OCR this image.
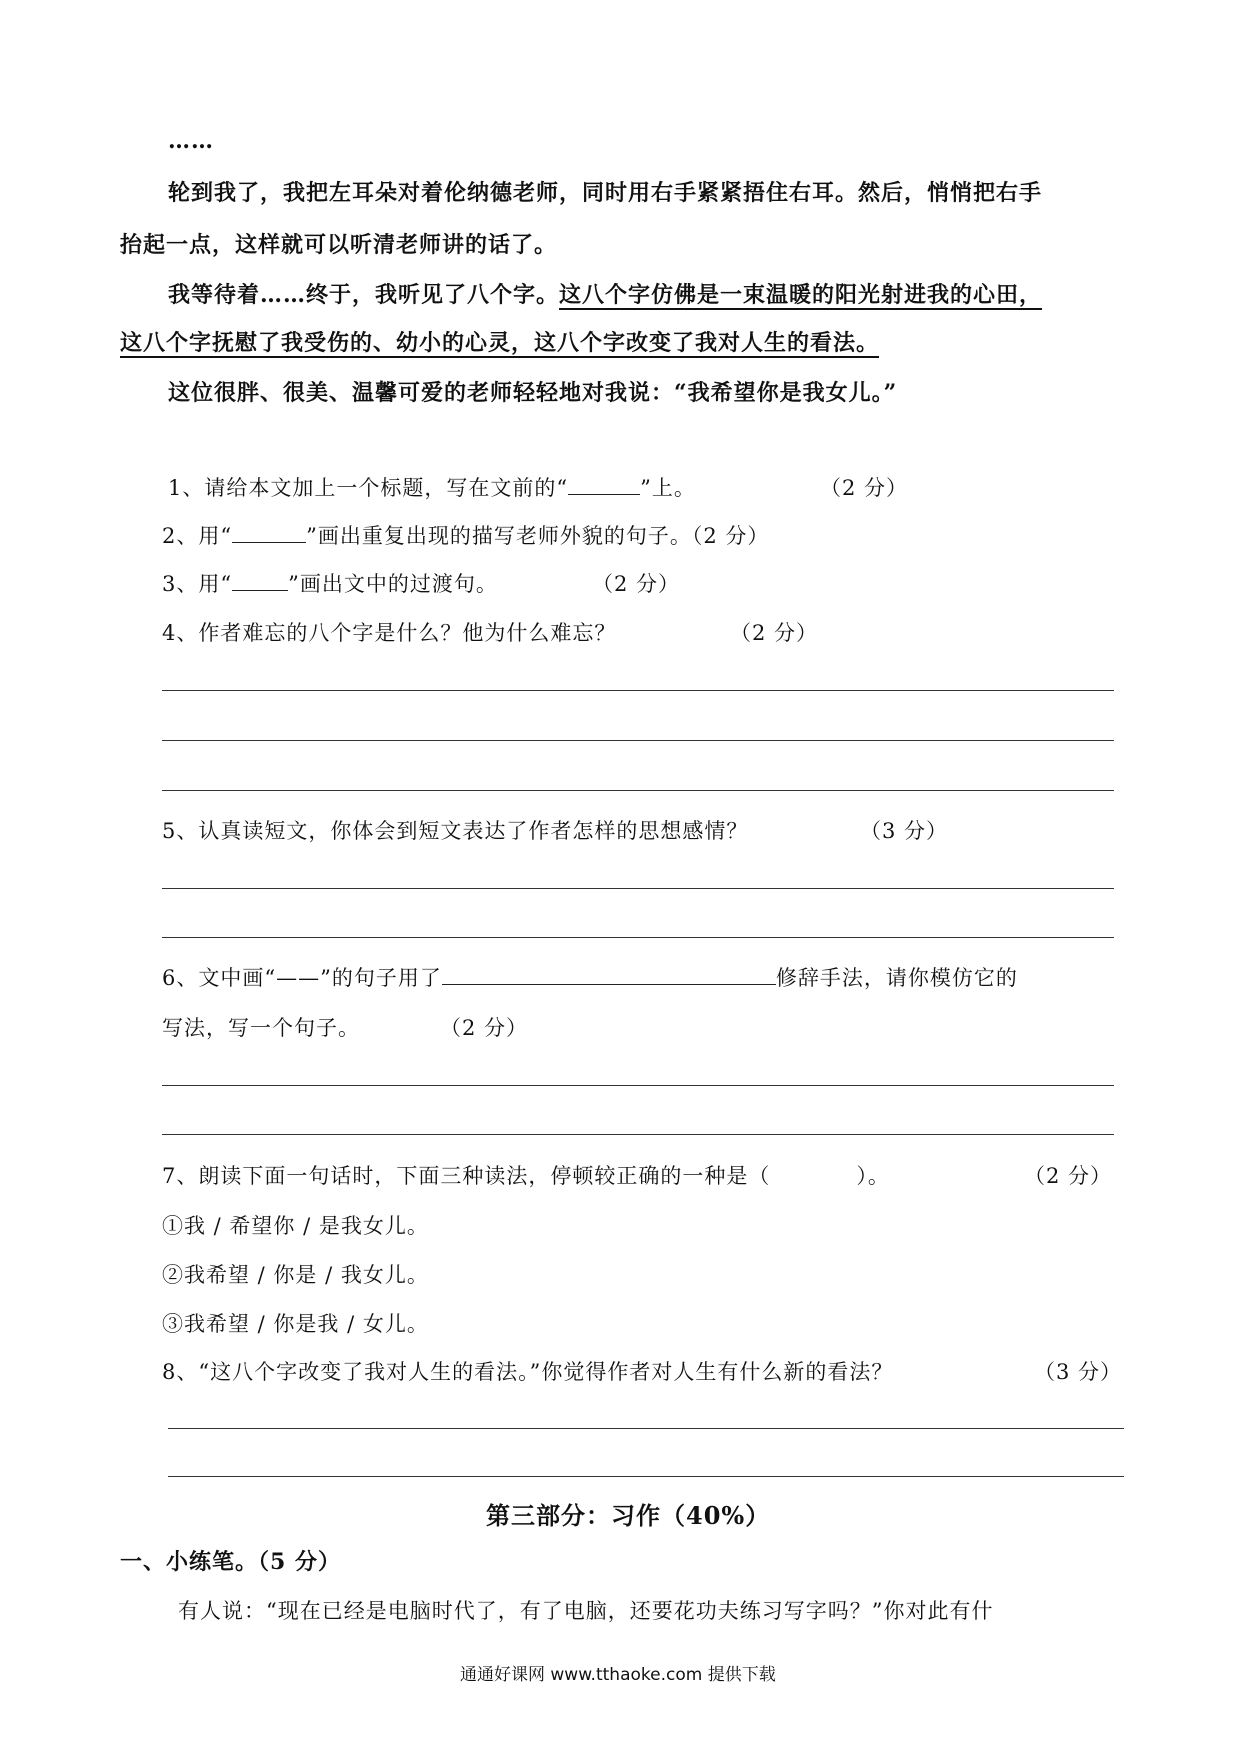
……
轮到我了，我把左耳朵对着伦纳德老师，同时用右手紧紧捂住右耳。然后，悄悄把右手
抬起一点，这样就可以听清老师讲的话了。
我等待着……终于，我听见了八个字。这八个字仿佛是一束温暖的阳光射进我的心田，
这八个字抚慰了我受伤的、幼小的心灵，这八个字改变了我对人生的看法。
这位很胖、很美、温馨可爱的老师轻轻地对我说：“我希望你是我女儿。”
1、请给本文加上一个标题，写在文前的“	”上。	（2 分）
2、用“	”画出重复出现的描写老师外貌的句子。（2 分）
3、用“	”画出文中的过渡句。	（2 分）
4、作者难忘的八个字是什么？他为什么难忘？	（2 分）
5、认真读短文，你体会到短文表达了作者怎样的思想感情？	（3 分）
6、文中画“——”的句子用了	修辞手法，请你模仿它的
写法，写一个句子。	（2 分）
7、朗读下面一句话时，下面三种读法，停顿较正确的一种是（	）。	（2 分）
①我 / 希望你 / 是我女儿。
②我希望 / 你是 / 我女儿。
③我希望 / 你是我 / 女儿。
8、“这八个字改变了我对人生的看法。”你觉得作者对人生有什么新的看法？	（3 分）
第三部分：习作（40%）
一、小练笔。（5 分）
有人说：“现在已经是电脑时代了，有了电脑，还要花功夫练习写字吗？”你对此有什
通通好课网 www.tthaoke.com 提供下载
